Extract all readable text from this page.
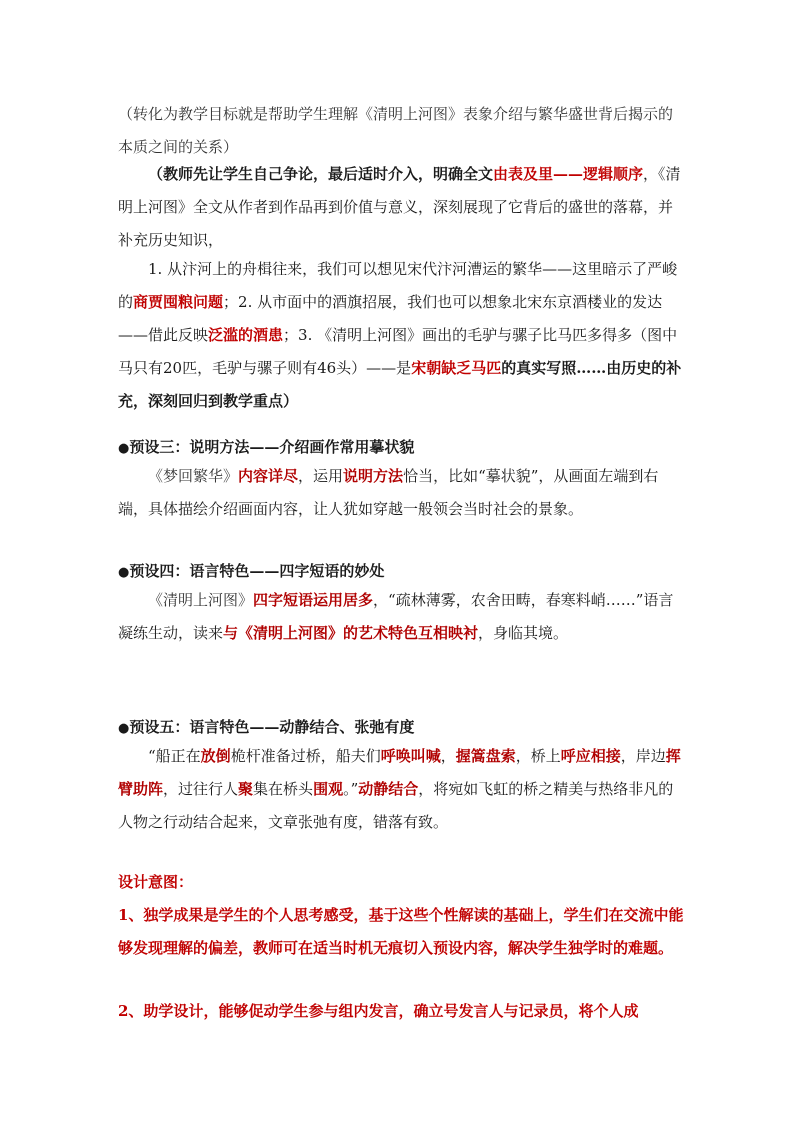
（转化为教学目标就是帮助学生理解《清明上河图》表象介绍与繁华盛世背后揭示的本质之间的关系）
（教师先让学生自己争论，最后适时介入，明确全文由表及里——逻辑顺序，《清明上河图》全文从作者到作品再到价值与意义，深刻展现了它背后的盛世的落幕，并补充历史知识，
1. 从汴河上的舟楫往来，我们可以想见宋代汴河漕运的繁华——这里暗示了严峻的商贾囤粮问题；2. 从市面中的酒旗招展，我们也可以想象北宋东京酒楼业的发达——借此反映泛滥的酒患；3. 《清明上河图》画出的毛驴与骡子比马匹多得多（图中马只有20匹，毛驴与骡子则有46头）——是宋朝缺乏马匹的真实写照……由历史的补充，深刻回归到教学重点）
●预设三：说明方法——介绍画作常用摹状貌
《梦回繁华》内容详尽，运用说明方法恰当，比如“摹状貌”，从画面左端到右端，具体描绘介绍画面内容，让人犹如穿越一般领会当时社会的景象。
●预设四：语言特色——四字短语的妙处
《清明上河图》四字短语运用居多，“疏林薄雾，农舍田畴，春寒料峭……”语言凝练生动，读来与《清明上河图》的艺术特色互相映衬，身临其境。
●预设五：语言特色——动静结合、张弛有度
“船正在放倒桅杆准备过桥，船夫们呼唤叫喊，握篙盘索，桥上呼应相接，岸边挥臂助阵，过往行人聚集在桥头围观。”动静结合，将宛如飞虹的桥之精美与热络非凡的人物之行动结合起来，文章张弛有度，错落有致。
设计意图：
1、独学成果是学生的个人思考感受，基于这些个性解读的基础上，学生们在交流中能够发现理解的偏差，教师可在适当时机无痕切入预设内容，解决学生独学时的难题。
2、助学设计，能够促动学生参与组内发言，确立号发言人与记录员，将个人成
